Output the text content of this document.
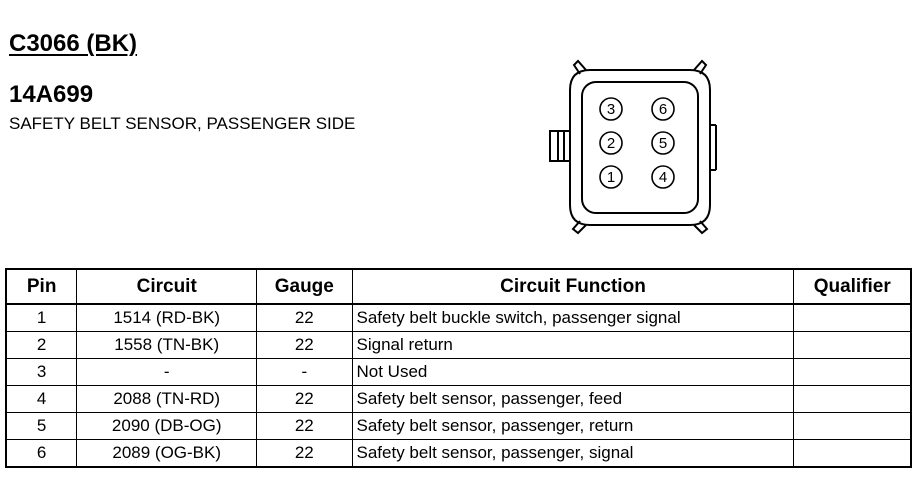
C3066 (BK)
14A699

SAFETY BELT SENSOR, PASSENGER SIDE

3	6
2	5
1	4
Pin	Circuit	Gauge	Circuit Function	Qualifier
1	1514 (RD-BK)	22	Safety belt buckle switch, passenger signal	
2	1558 (TN-BK)	22	Signal return	
3	-	-	Not Used	
4	2088 (TN-RD)	22	Safety belt sensor, passenger, feed	
5	2090 (DB-OG)	22	Safety belt sensor, passenger, return	
6	2089 (OG-BK)	22	Safety belt sensor, passenger, signal	
